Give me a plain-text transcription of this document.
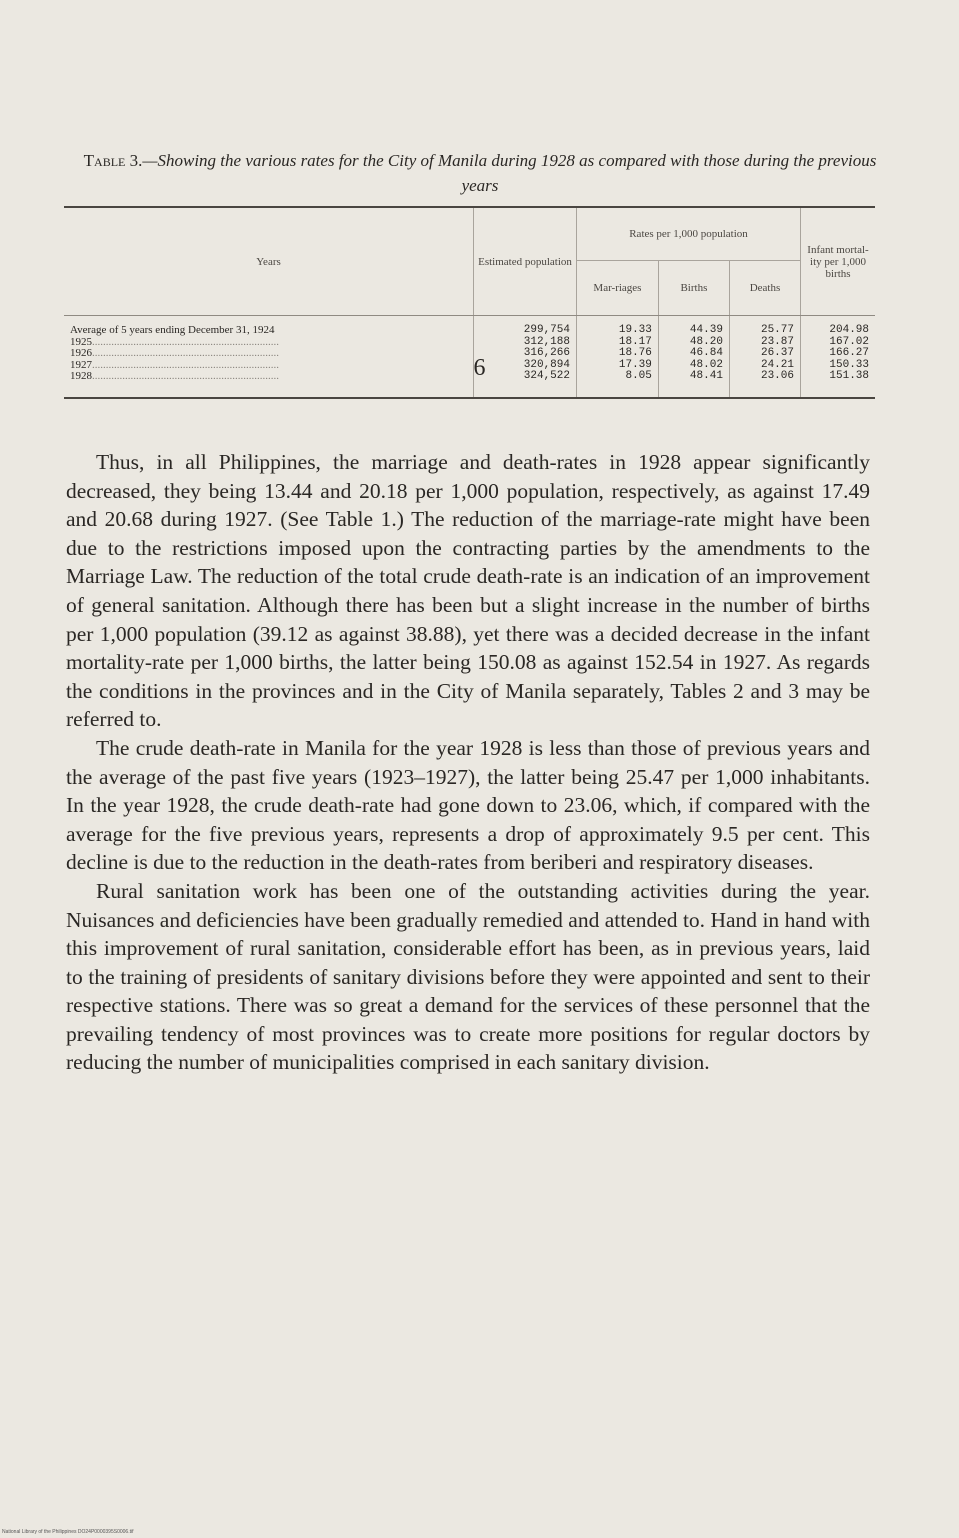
6
Table 3.—Showing the various rates for the City of Manila during 1928 as compared with those during the previous years
Years	Estimated population	Rates per 1,000 population			Infant mortal-ity per 1,000 births
		Mar-riages	Births	Deaths	
Average of 5 years ending December 31, 1924	299,754	19.33	44.39	25.77	204.98
1925....................................................................	312,188	18.17	48.20	23.87	167.02
1926....................................................................	316,266	18.76	46.84	26.37	166.27
1927....................................................................	320,894	17.39	48.02	24.21	150.33
1928....................................................................	324,522	8.05	48.41	23.06	151.38

Thus, in all Philippines, the marriage and death-rates in 1928 appear significantly decreased, they being 13.44 and 20.18 per 1,000 population, respectively, as against 17.49 and 20.68 during 1927. (See Table 1.) The reduction of the marriage-rate might have been due to the restrictions imposed upon the contracting parties by the amendments to the Marriage Law. The reduction of the total crude death-rate is an indication of an improvement of general sanitation. Although there has been but a slight increase in the number of births per 1,000 population (39.12 as against 38.88), yet there was a decided decrease in the infant mortality-rate per 1,000 births, the latter being 150.08 as against 152.54 in 1927. As regards the conditions in the provinces and in the City of Manila separately, Tables 2 and 3 may be referred to.

The crude death-rate in Manila for the year 1928 is less than those of previous years and the average of the past five years (1923–1927), the latter being 25.47 per 1,000 inhabitants. In the year 1928, the crude death-rate had gone down to 23.06, which, if compared with the average for the five previous years, represents a drop of approximately 9.5 per cent. This decline is due to the reduction in the death-rates from beriberi and respiratory diseases.

Rural sanitation work has been one of the outstanding activities during the year. Nuisances and deficiencies have been gradually remedied and attended to. Hand in hand with this improvement of rural sanitation, considerable effort has been, as in previous years, laid to the training of presidents of sanitary divisions before they were appointed and sent to their respective stations. There was so great a demand for the services of these personnel that the prevailing tendency of most provinces was to create more positions for regular doctors by reducing the number of municipalities comprised in each sanitary division.

National Library of the Philippines DO24P0000395S0006.tif
